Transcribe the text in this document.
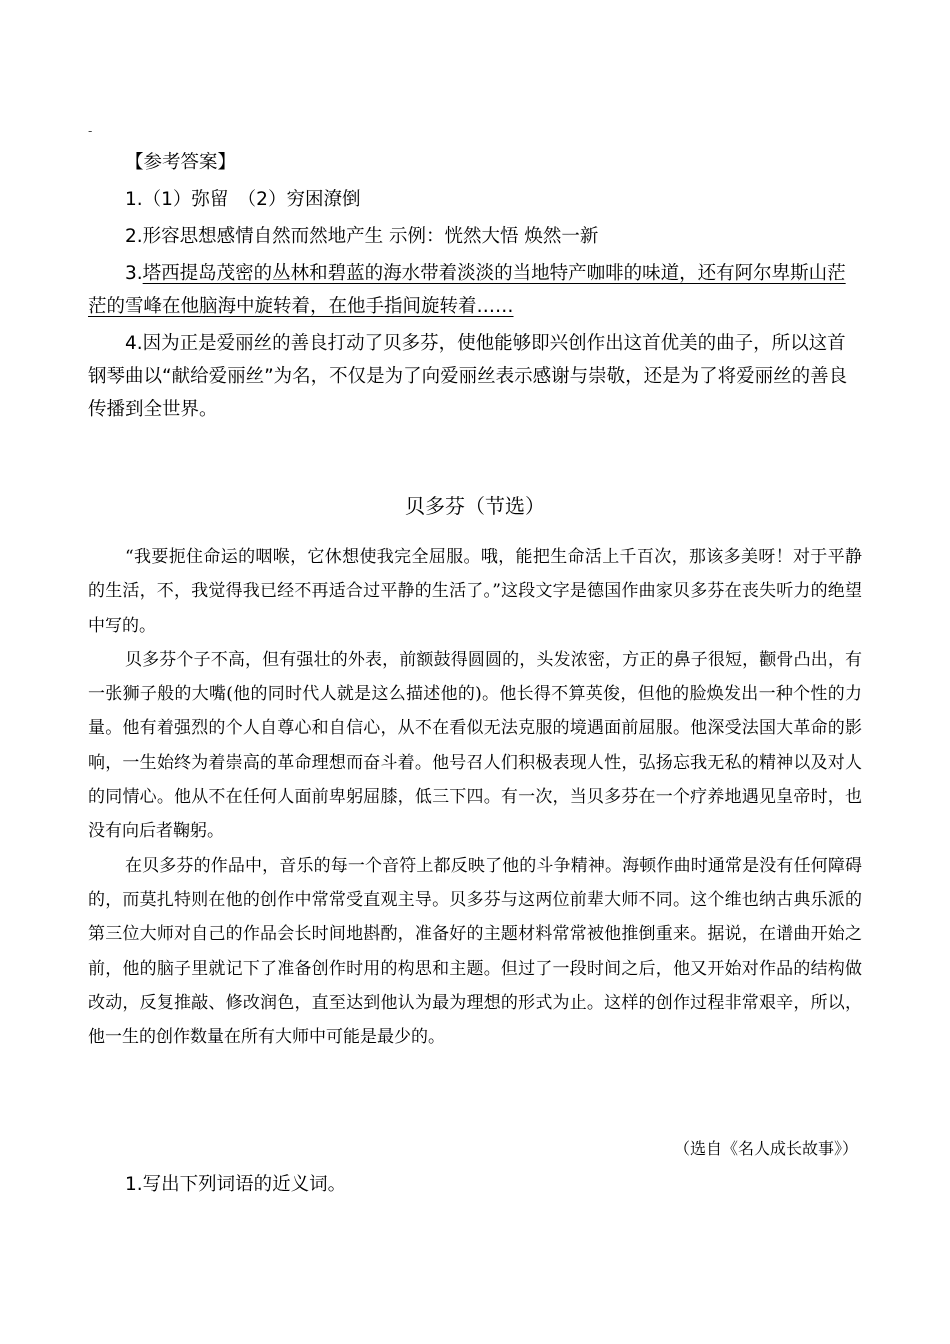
-

【参考答案】

1.（1）弥留　（2）穷困潦倒

2.形容思想感情自然而然地产生 示例：恍然大悟 焕然一新

3.塔西提岛茂密的丛林和碧蓝的海水带着淡淡的当地特产咖啡的味道，还有阿尔卑斯山茫茫的雪峰在他脑海中旋转着，在他手指间旋转着……

4.因为正是爱丽丝的善良打动了贝多芬，使他能够即兴创作出这首优美的曲子，所以这首钢琴曲以“献给爱丽丝”为名，不仅是为了向爱丽丝表示感谢与崇敬，还是为了将爱丽丝的善良传播到全世界。

贝多芬（节选）

“我要扼住命运的咽喉，它休想使我完全屈服。哦，能把生命活上千百次，那该多美呀！对于平静的生活，不，我觉得我已经不再适合过平静的生活了。”这段文字是德国作曲家贝多芬在丧失听力的绝望中写的。

贝多芬个子不高，但有强壮的外表，前额鼓得圆圆的，头发浓密，方正的鼻子很短，颧骨凸出，有一张狮子般的大嘴(他的同时代人就是这么描述他的)。他长得不算英俊，但他的脸焕发出一种个性的力量。他有着强烈的个人自尊心和自信心，从不在看似无法克服的境遇面前屈服。他深受法国大革命的影响，一生始终为着崇高的革命理想而奋斗着。他号召人们积极表现人性，弘扬忘我无私的精神以及对人的同情心。他从不在任何人面前卑躬屈膝，低三下四。有一次，当贝多芬在一个疗养地遇见皇帝时，也没有向后者鞠躬。

在贝多芬的作品中，音乐的每一个音符上都反映了他的斗争精神。海顿作曲时通常是没有任何障碍的，而莫扎特则在他的创作中常常受直观主导。贝多芬与这两位前辈大师不同。这个维也纳古典乐派的第三位大师对自己的作品会长时间地斟酌，准备好的主题材料常常被他推倒重来。据说，在谱曲开始之前，他的脑子里就记下了准备创作时用的构思和主题。但过了一段时间之后，他又开始对作品的结构做改动，反复推敲、修改润色，直至达到他认为最为理想的形式为止。这样的创作过程非常艰辛，所以，他一生的创作数量在所有大师中可能是最少的。

（选自《名人成长故事》）
1.写出下列词语的近义词。
